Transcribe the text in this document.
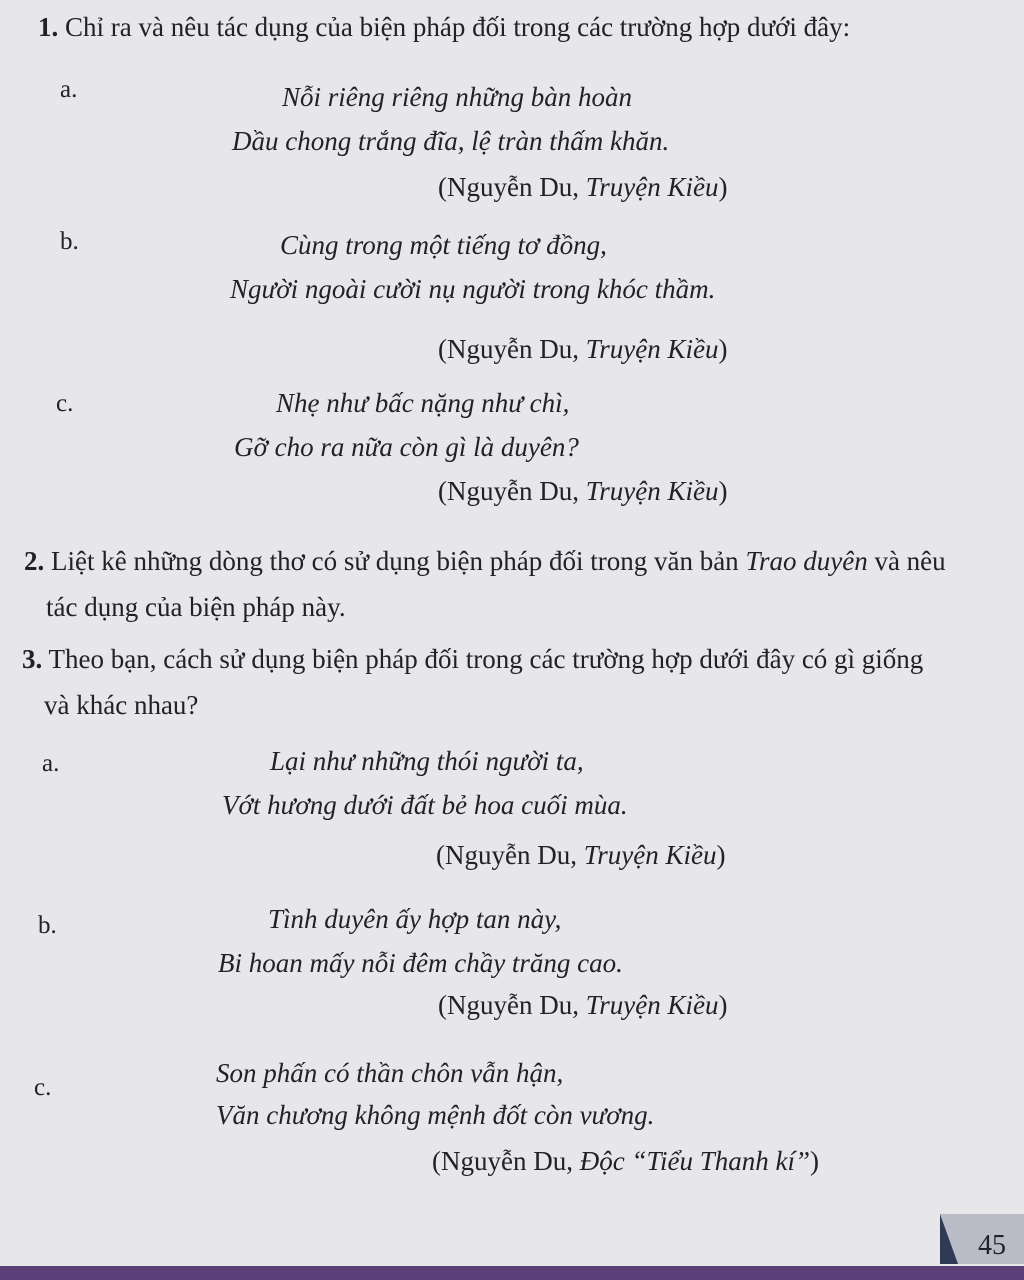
1. Chỉ ra và nêu tác dụng của biện pháp đối trong các trường hợp dưới đây:
a.	Nỗi riêng riêng những bàn hoàn
Dầu chong trắng đĩa, lệ tràn thấm khăn.
(Nguyễn Du, Truyện Kiều)
b.	Cùng trong một tiếng tơ đồng,
Người ngoài cười nụ người trong khóc thầm.
(Nguyễn Du, Truyện Kiều)
c.	Nhẹ như bấc nặng như chì,
Gỡ cho ra nữa còn gì là duyên?
(Nguyễn Du, Truyện Kiều)
2. Liệt kê những dòng thơ có sử dụng biện pháp đối trong văn bản Trao duyên và nêu
tác dụng của biện pháp này.
3. Theo bạn, cách sử dụng biện pháp đối trong các trường hợp dưới đây có gì giống
và khác nhau?
a.	Lại như những thói người ta,
Vớt hương dưới đất bẻ hoa cuối mùa.
(Nguyễn Du, Truyện Kiều)
b.	Tình duyên ấy hợp tan này,
Bi hoan mấy nỗi đêm chầy trăng cao.
(Nguyễn Du, Truyện Kiều)
c.	Son phấn có thần chôn vẫn hận,
Văn chương không mệnh đốt còn vương.
(Nguyễn Du, Độc “Tiểu Thanh kí”)
45
